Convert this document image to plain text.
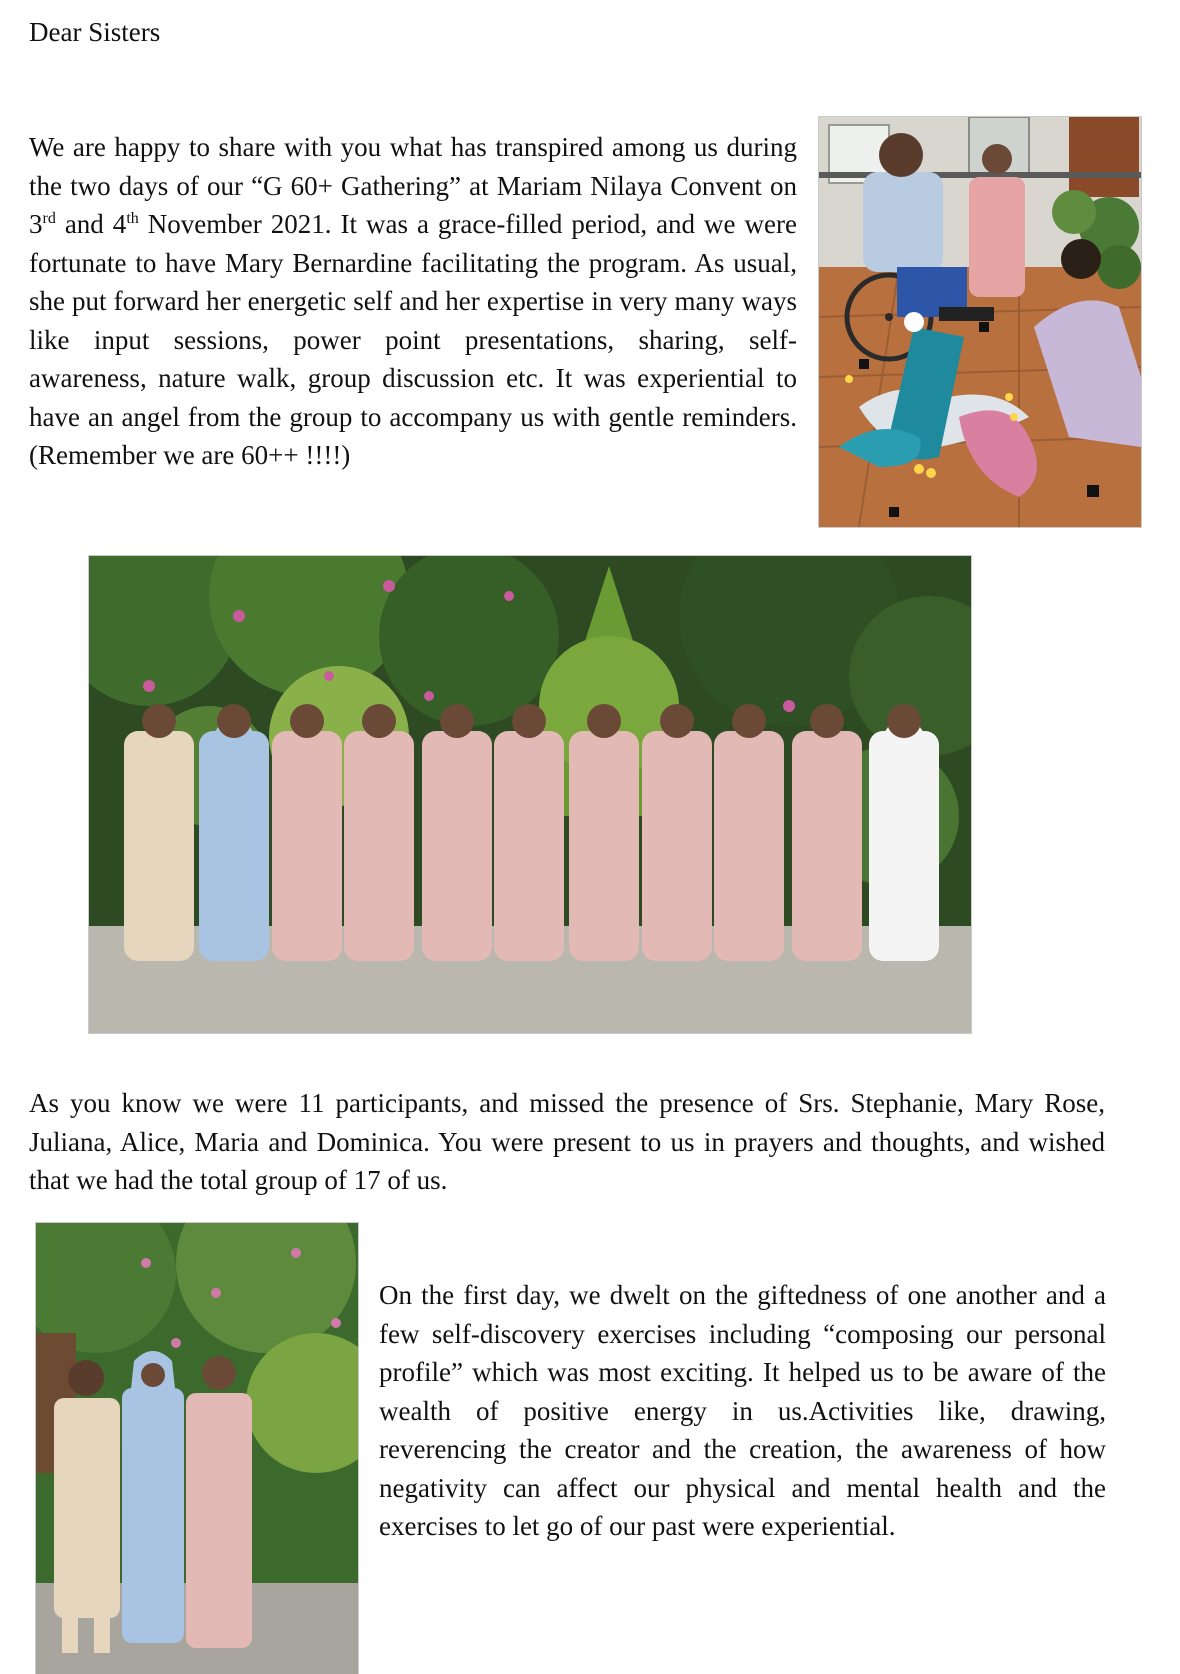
Dear Sisters

We are happy to share with you what has transpired among us during the two days of our “G 60+ Gathering” at Mariam Nilaya Convent on 3rd and 4th November 2021. It was a grace-filled period, and we were fortunate to have Mary Bernardine facilitating the program. As usual, she put forward her energetic self and her expertise in very many ways like input sessions, power point presentations, sharing, self- awareness, nature walk, group discussion etc. It was experiential to have an angel from the group to accompany us with gentle reminders. (Remember we are 60++ !!!!)

As you know we were 11 participants, and missed the presence of Srs. Stephanie, Mary Rose, Juliana, Alice, Maria and Dominica. You were present to us in prayers and thoughts, and wished that we had the total group of 17 of us.

On the first day, we dwelt on the giftedness of one another and a few self-discovery exercises including “composing our personal profile” which was most exciting. It helped us to be aware of the wealth of positive energy in us.Activities like, drawing, reverencing the creator and the creation, the awareness of how negativity can affect our physical and mental health and the exercises to let go of our past were experiential.
